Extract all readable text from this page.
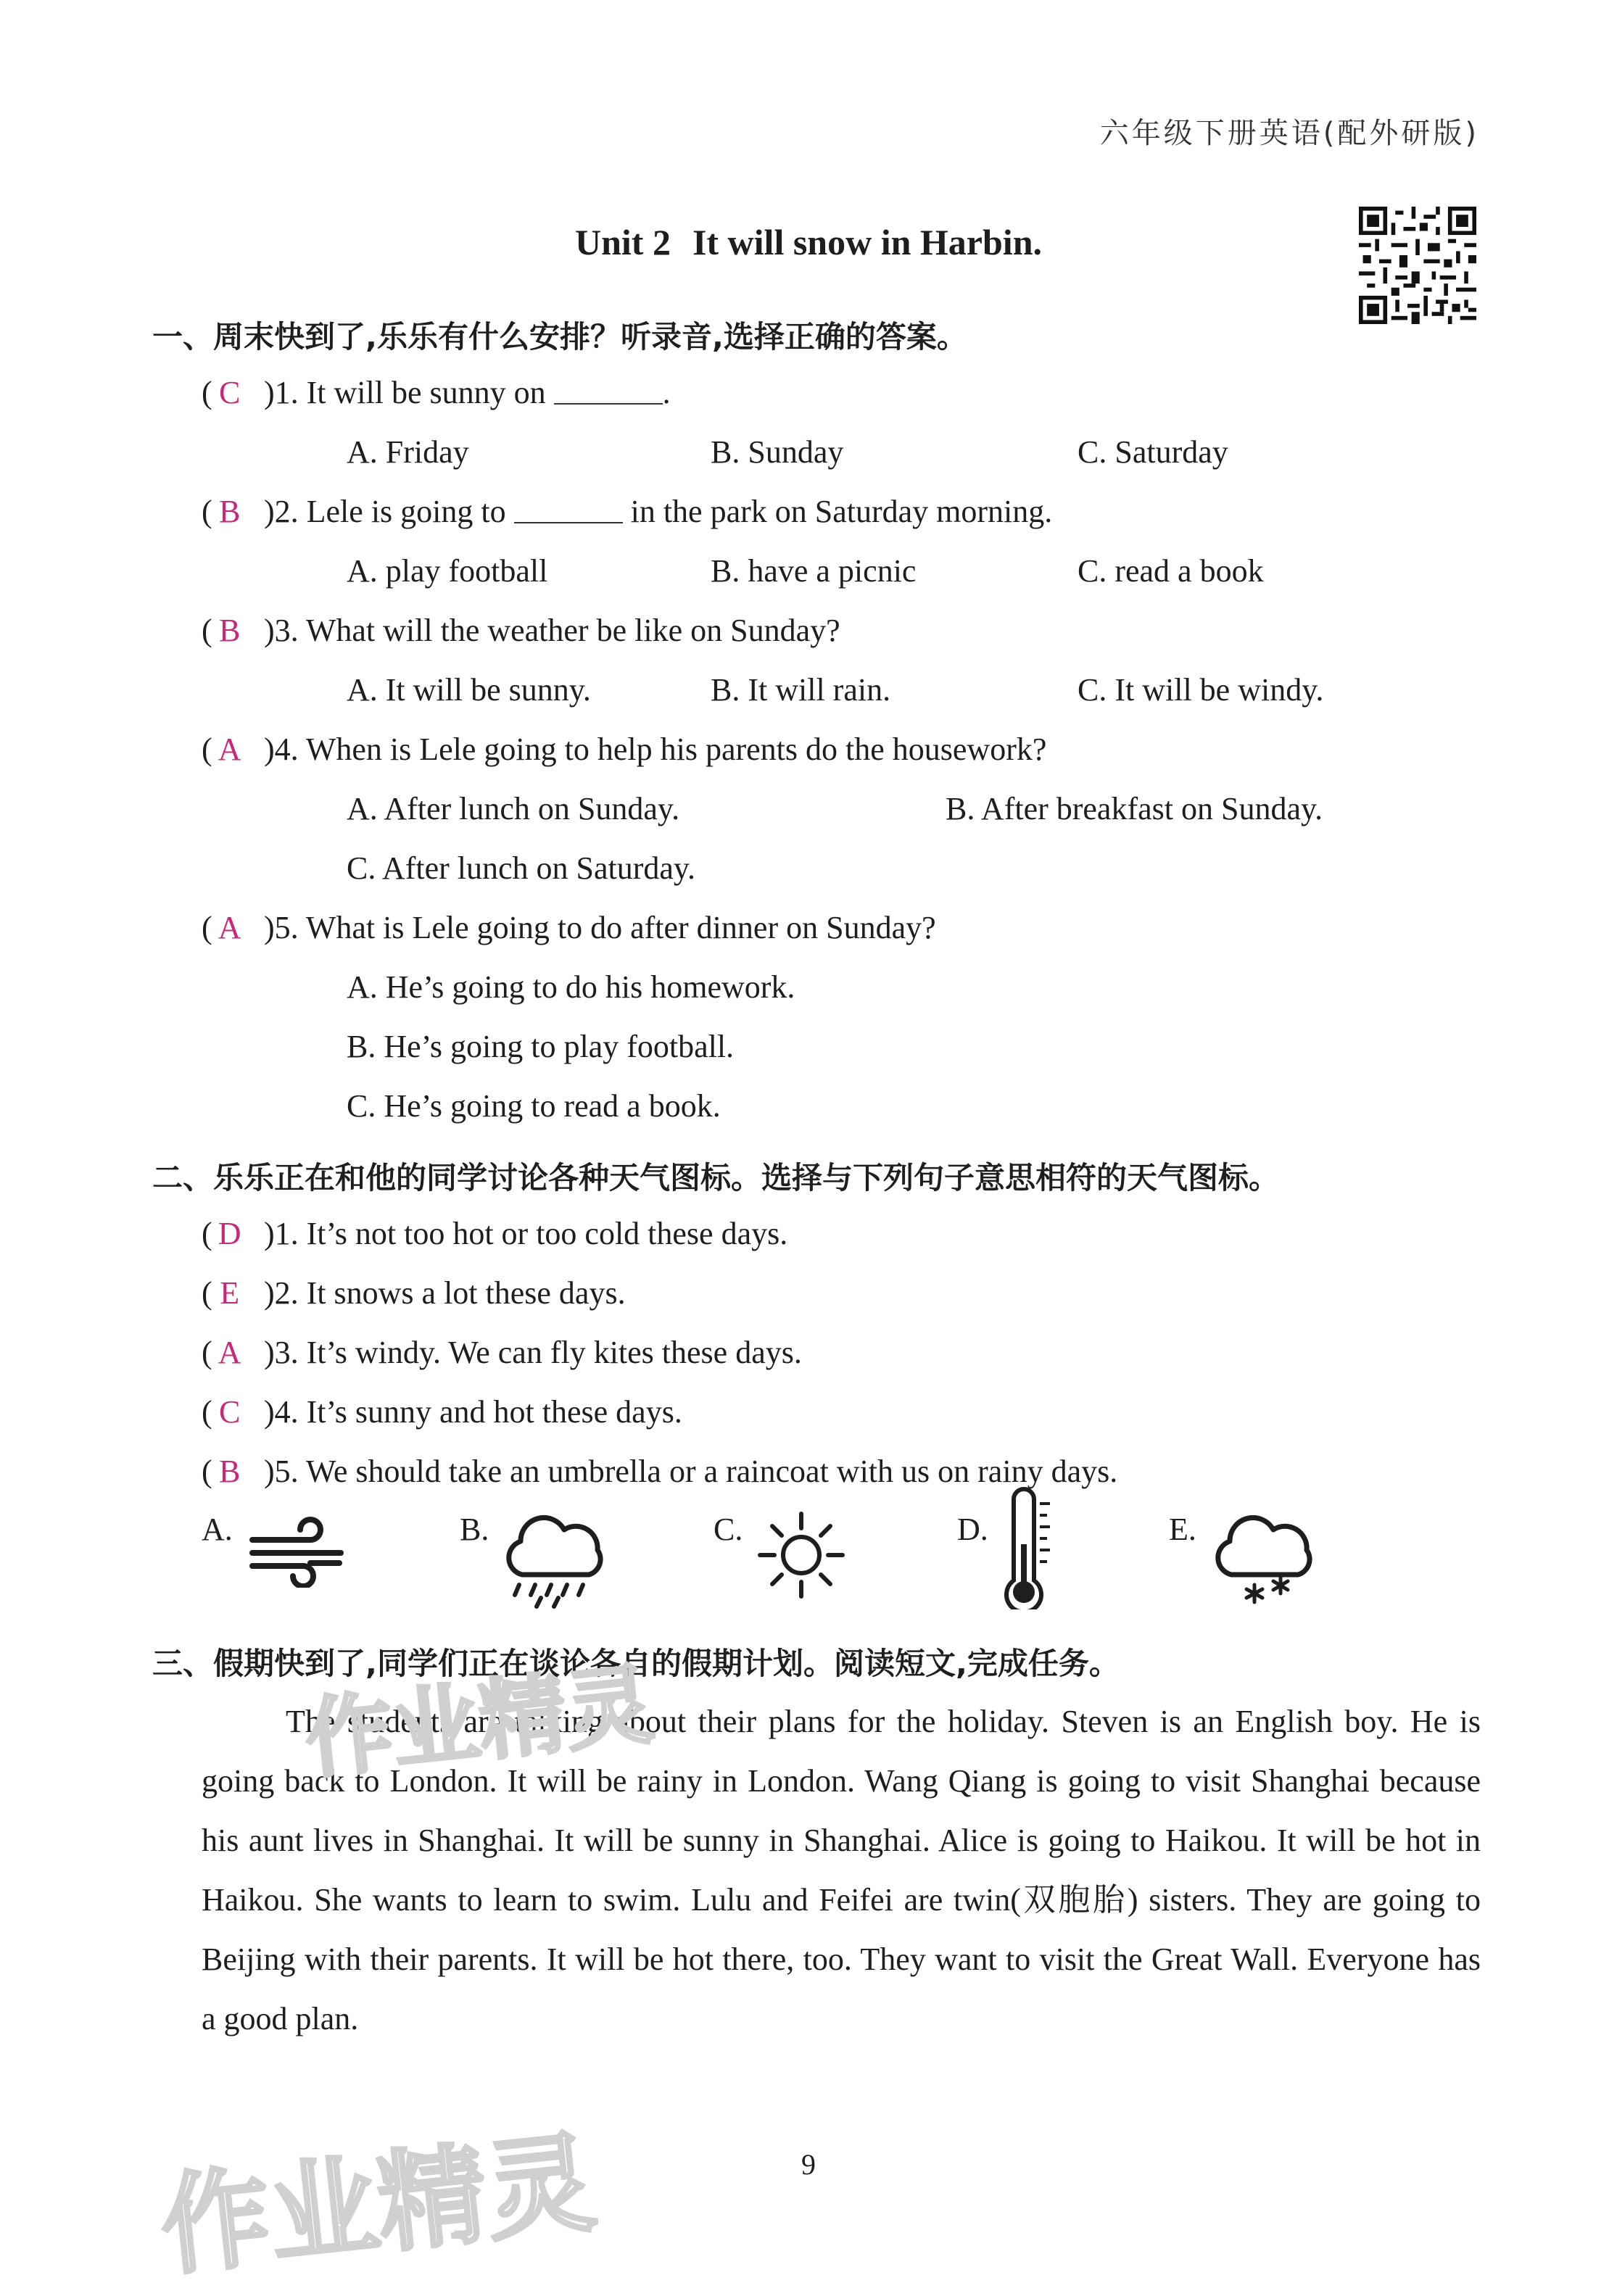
六年级下册英语(配外研版)
Unit 2 It will snow in Harbin.
一、周末快到了,乐乐有什么安排？听录音,选择正确的答案。
( C )1. It will be sunny on	.
A. Friday	B. Sunday	C. Saturday
( B )2. Lele is going to	in the park on Saturday morning.
A. play football	B. have a picnic	C. read a book
( B )3. What will the weather be like on Sunday?
A. It will be sunny.	B. It will rain.	C. It will be windy.
( A )4. When is Lele going to help his parents do the housework?
A. After lunch on Sunday.	B. After breakfast on Sunday.
C. After lunch on Saturday.
( A )5. What is Lele going to do after dinner on Sunday?
A. He’s going to do his homework.
B. He’s going to play football.
C. He’s going to read a book.
二、乐乐正在和他的同学讨论各种天气图标。选择与下列句子意思相符的天气图标。
( D )1. It’s not too hot or too cold these days.
( E )2. It snows a lot these days.
( A )3. It’s windy. We can fly kites these days.
( C )4. It’s sunny and hot these days.
( B )5. We should take an umbrella or a raincoat with us on rainy days.
A.	B.	C.	D.	E.
三、假期快到了,同学们正在谈论各自的假期计划。阅读短文,完成任务。

The students are talking about their plans for the holiday. Steven is an English boy. He is going back to London. It will be rainy in London. Wang Qiang is going to visit Shanghai because his aunt lives in Shanghai. It will be sunny in Shanghai. Alice is going to Haikou. It will be hot in Haikou. She wants to learn to swim. Lulu and Feifei are twin(双胞胎) sisters. They are going to Beijing with their parents. It will be hot there, too. They want to visit the Great Wall. Everyone has a good plan.

作业精灵
作业精灵	9
